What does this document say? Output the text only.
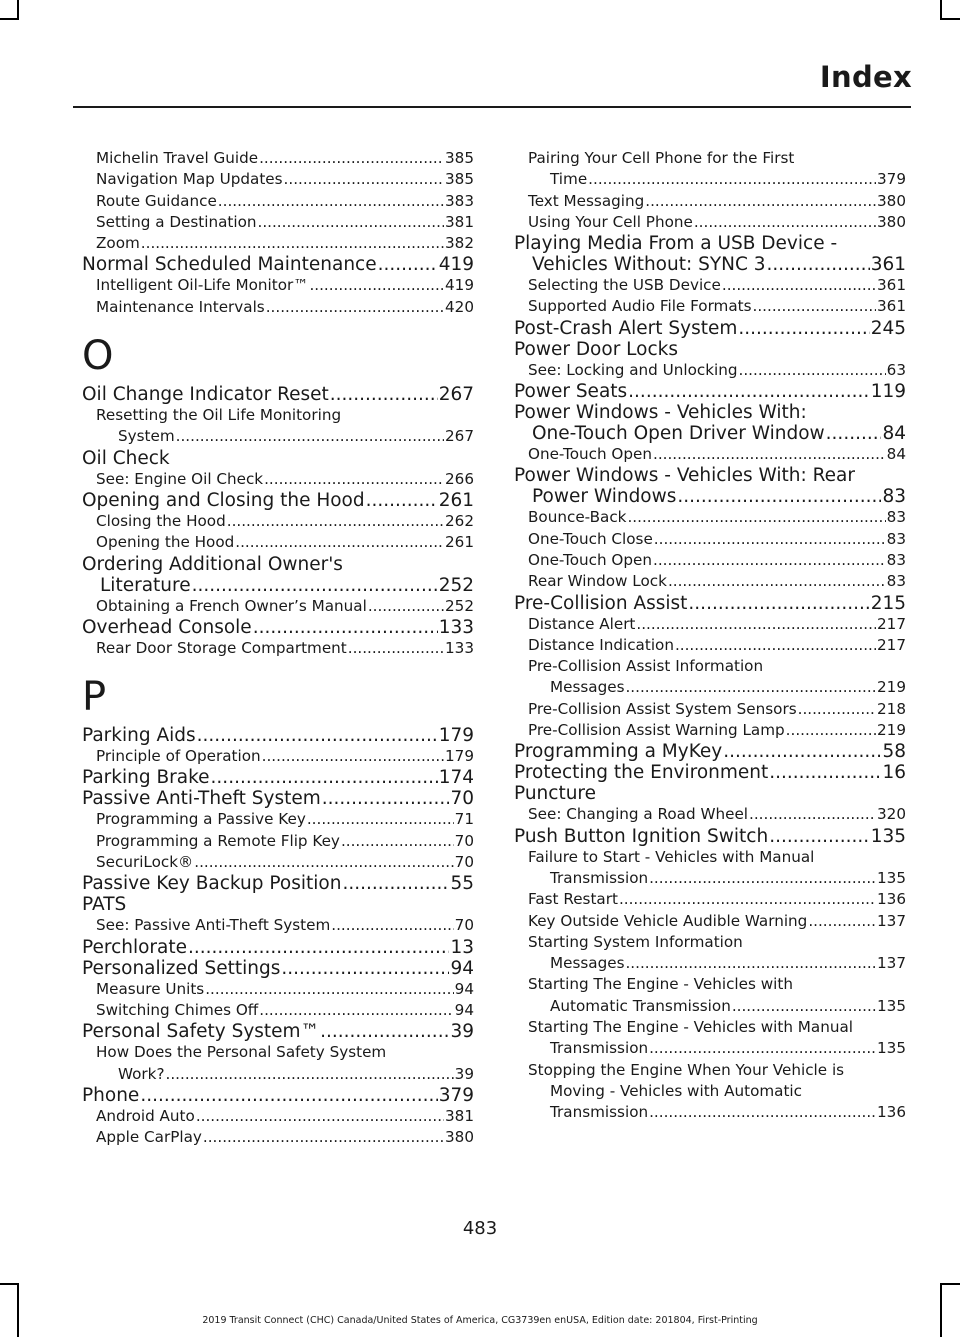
Index
Michelin Travel Guide .....	385
Navigation Map Updates .....	385
Route Guidance .....	383
Setting a Destination .....	381
Zoom .....	382
Normal Scheduled Maintenance .....	419
Intelligent Oil-Life Monitor™ .....	419
Maintenance Intervals .....	420
O
Oil Change Indicator Reset .....	267
Resetting the Oil Life Monitoring
System .....	267
Oil Check
See: Engine Oil Check .....	266
Opening and Closing the Hood .....	261
Closing the Hood .....	262
Opening the Hood .....	261
Ordering Additional Owner's
Literature .....	252
Obtaining a French Owner’s Manual .....	252
Overhead Console .....	133
Rear Door Storage Compartment .....	133
P
Parking Aids .....	179
Principle of Operation .....	179
Parking Brake .....	174
Passive Anti-Theft System .....	70
Programming a Passive Key .....	71
Programming a Remote Flip Key .....	70
SecuriLock® .....	70
Passive Key Backup Position .....	55
PATS
See: Passive Anti-Theft System .....	70
Perchlorate .....	13
Personalized Settings .....	94
Measure Units .....	94
Switching Chimes Off .....	94
Personal Safety System™ .....	39
How Does the Personal Safety System
Work? .....	39
Phone .....	379
Android Auto .....	381
Apple CarPlay .....	380
Pairing Your Cell Phone for the First
Time .....	379
Text Messaging .....	380
Using Your Cell Phone .....	380
Playing Media From a USB Device -
Vehicles Without: SYNC 3 .....	361
Selecting the USB Device .....	361
Supported Audio File Formats .....	361
Post-Crash Alert System .....	245
Power Door Locks
See: Locking and Unlocking .....	63
Power Seats .....	119
Power Windows - Vehicles With:
One-Touch Open Driver Window .....	84
One-Touch Open .....	84
Power Windows - Vehicles With: Rear
Power Windows .....	83
Bounce-Back .....	83
One-Touch Close .....	83
One-Touch Open .....	83
Rear Window Lock .....	83
Pre-Collision Assist .....	215
Distance Alert .....	217
Distance Indication .....	217
Pre-Collision Assist Information
Messages .....	219
Pre-Collision Assist System Sensors .....	218
Pre-Collision Assist Warning Lamp .....	219
Programming a MyKey .....	58
Protecting the Environment .....	16
Puncture
See: Changing a Road Wheel .....	320
Push Button Ignition Switch .....	135
Failure to Start - Vehicles with Manual
Transmission .....	135
Fast Restart .....	136
Key Outside Vehicle Audible Warning .....	137
Starting System Information
Messages .....	137
Starting The Engine - Vehicles with
Automatic Transmission .....	135
Starting The Engine - Vehicles with Manual
Transmission .....	135
Stopping the Engine When Your Vehicle is
Moving - Vehicles with Automatic
Transmission .....	136
483
2019 Transit Connect (CHC) Canada/United States of America, CG3739en enUSA, Edition date: 201804, First-Printing
